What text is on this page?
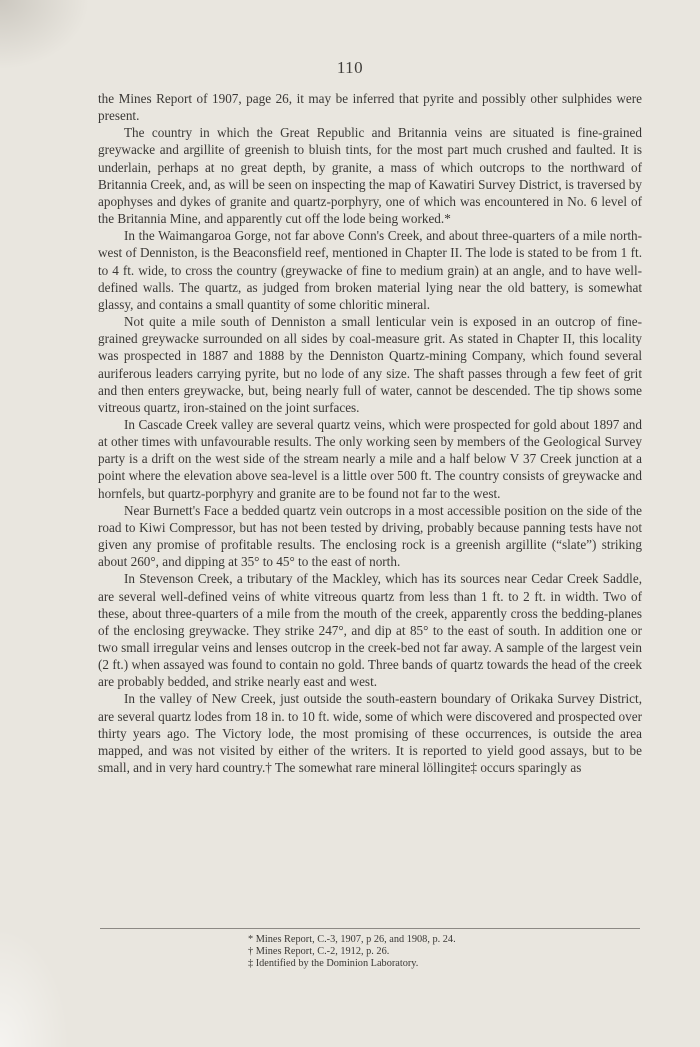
110

the Mines Report of 1907, page 26, it may be inferred that pyrite and possibly other sulphides were present.

The country in which the Great Republic and Britannia veins are situated is fine-grained greywacke and argillite of greenish to bluish tints, for the most part much crushed and faulted. It is underlain, perhaps at no great depth, by granite, a mass of which outcrops to the northward of Britannia Creek, and, as will be seen on inspecting the map of Kawatiri Survey District, is traversed by apophyses and dykes of granite and quartz-porphyry, one of which was encountered in No. 6 level of the Britannia Mine, and apparently cut off the lode being worked.*

In the Waimangaroa Gorge, not far above Conn's Creek, and about three-quarters of a mile north-west of Denniston, is the Beaconsfield reef, mentioned in Chapter II. The lode is stated to be from 1 ft. to 4 ft. wide, to cross the country (greywacke of fine to medium grain) at an angle, and to have well-defined walls. The quartz, as judged from broken material lying near the old battery, is somewhat glassy, and contains a small quantity of some chloritic mineral.

Not quite a mile south of Denniston a small lenticular vein is exposed in an outcrop of fine-grained greywacke surrounded on all sides by coal-measure grit. As stated in Chapter II, this locality was prospected in 1887 and 1888 by the Denniston Quartz-mining Company, which found several auriferous leaders carrying pyrite, but no lode of any size. The shaft passes through a few feet of grit and then enters greywacke, but, being nearly full of water, cannot be descended. The tip shows some vitreous quartz, iron-stained on the joint surfaces.

In Cascade Creek valley are several quartz veins, which were prospected for gold about 1897 and at other times with unfavourable results. The only working seen by members of the Geological Survey party is a drift on the west side of the stream nearly a mile and a half below V 37 Creek junction at a point where the elevation above sea-level is a little over 500 ft. The country consists of greywacke and hornfels, but quartz-porphyry and granite are to be found not far to the west.

Near Burnett's Face a bedded quartz vein outcrops in a most accessible position on the side of the road to Kiwi Compressor, but has not been tested by driving, probably because panning tests have not given any promise of profitable results. The enclosing rock is a greenish argillite (“slate”) striking about 260°, and dipping at 35° to 45° to the east of north.

In Stevenson Creek, a tributary of the Mackley, which has its sources near Cedar Creek Saddle, are several well-defined veins of white vitreous quartz from less than 1 ft. to 2 ft. in width. Two of these, about three-quarters of a mile from the mouth of the creek, apparently cross the bedding-planes of the enclosing greywacke. They strike 247°, and dip at 85° to the east of south. In addition one or two small irregular veins and lenses outcrop in the creek-bed not far away. A sample of the largest vein (2 ft.) when assayed was found to contain no gold. Three bands of quartz towards the head of the creek are probably bedded, and strike nearly east and west.

In the valley of New Creek, just outside the south-eastern boundary of Orikaka Survey District, are several quartz lodes from 18 in. to 10 ft. wide, some of which were discovered and prospected over thirty years ago. The Victory lode, the most promising of these occurrences, is outside the area mapped, and was not visited by either of the writers. It is reported to yield good assays, but to be small, and in very hard country.† The somewhat rare mineral löllingite‡ occurs sparingly as

* Mines Report, C.-3, 1907, p 26, and 1908, p. 24.
† Mines Report, C.-2, 1912, p. 26.
‡ Identified by the Dominion Laboratory.
